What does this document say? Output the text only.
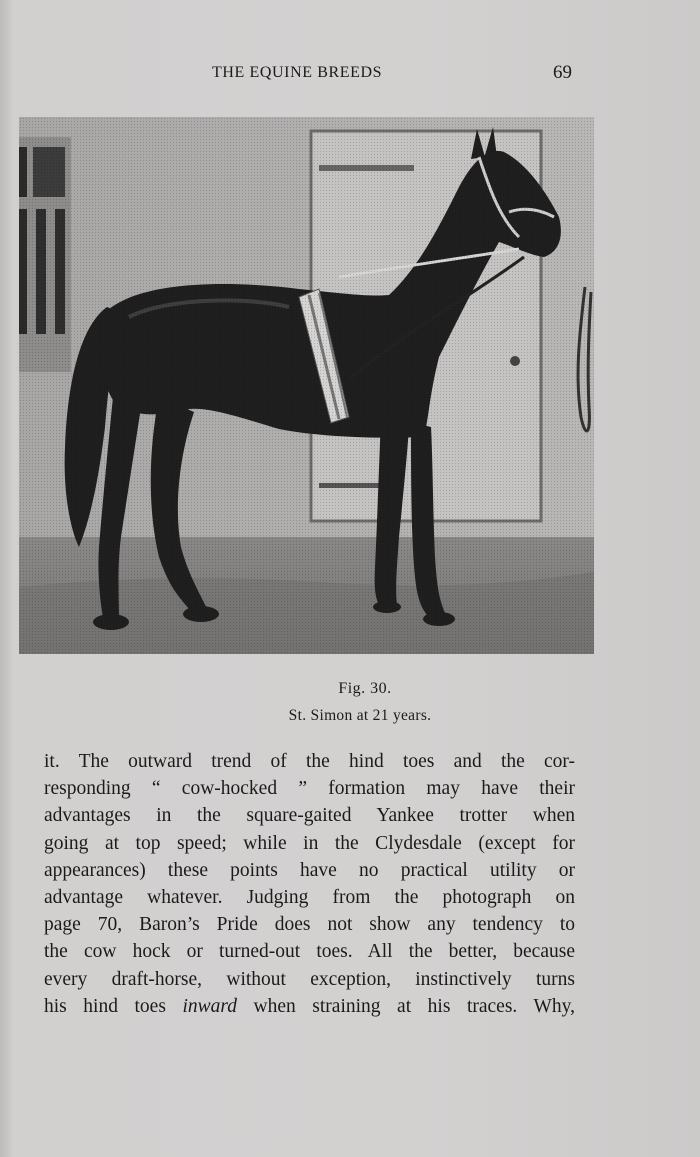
THE EQUINE BREEDS	69
Fig. 30.
St. Simon at 21 years.
it. The outward trend of the hind toes and the cor-
responding “ cow-hocked ” formation may have their
advantages in the square-gaited Yankee trotter when
going at top speed; while in the Clydesdale (except for
appearances) these points have no practical utility or
advantage whatever. Judging from the photograph on
page 70, Baron’s Pride does not show any tendency to
the cow hock or turned-out toes. All the better, because
every draft-horse, without exception, instinctively turns
his hind toes inward when straining at his traces. Why,
